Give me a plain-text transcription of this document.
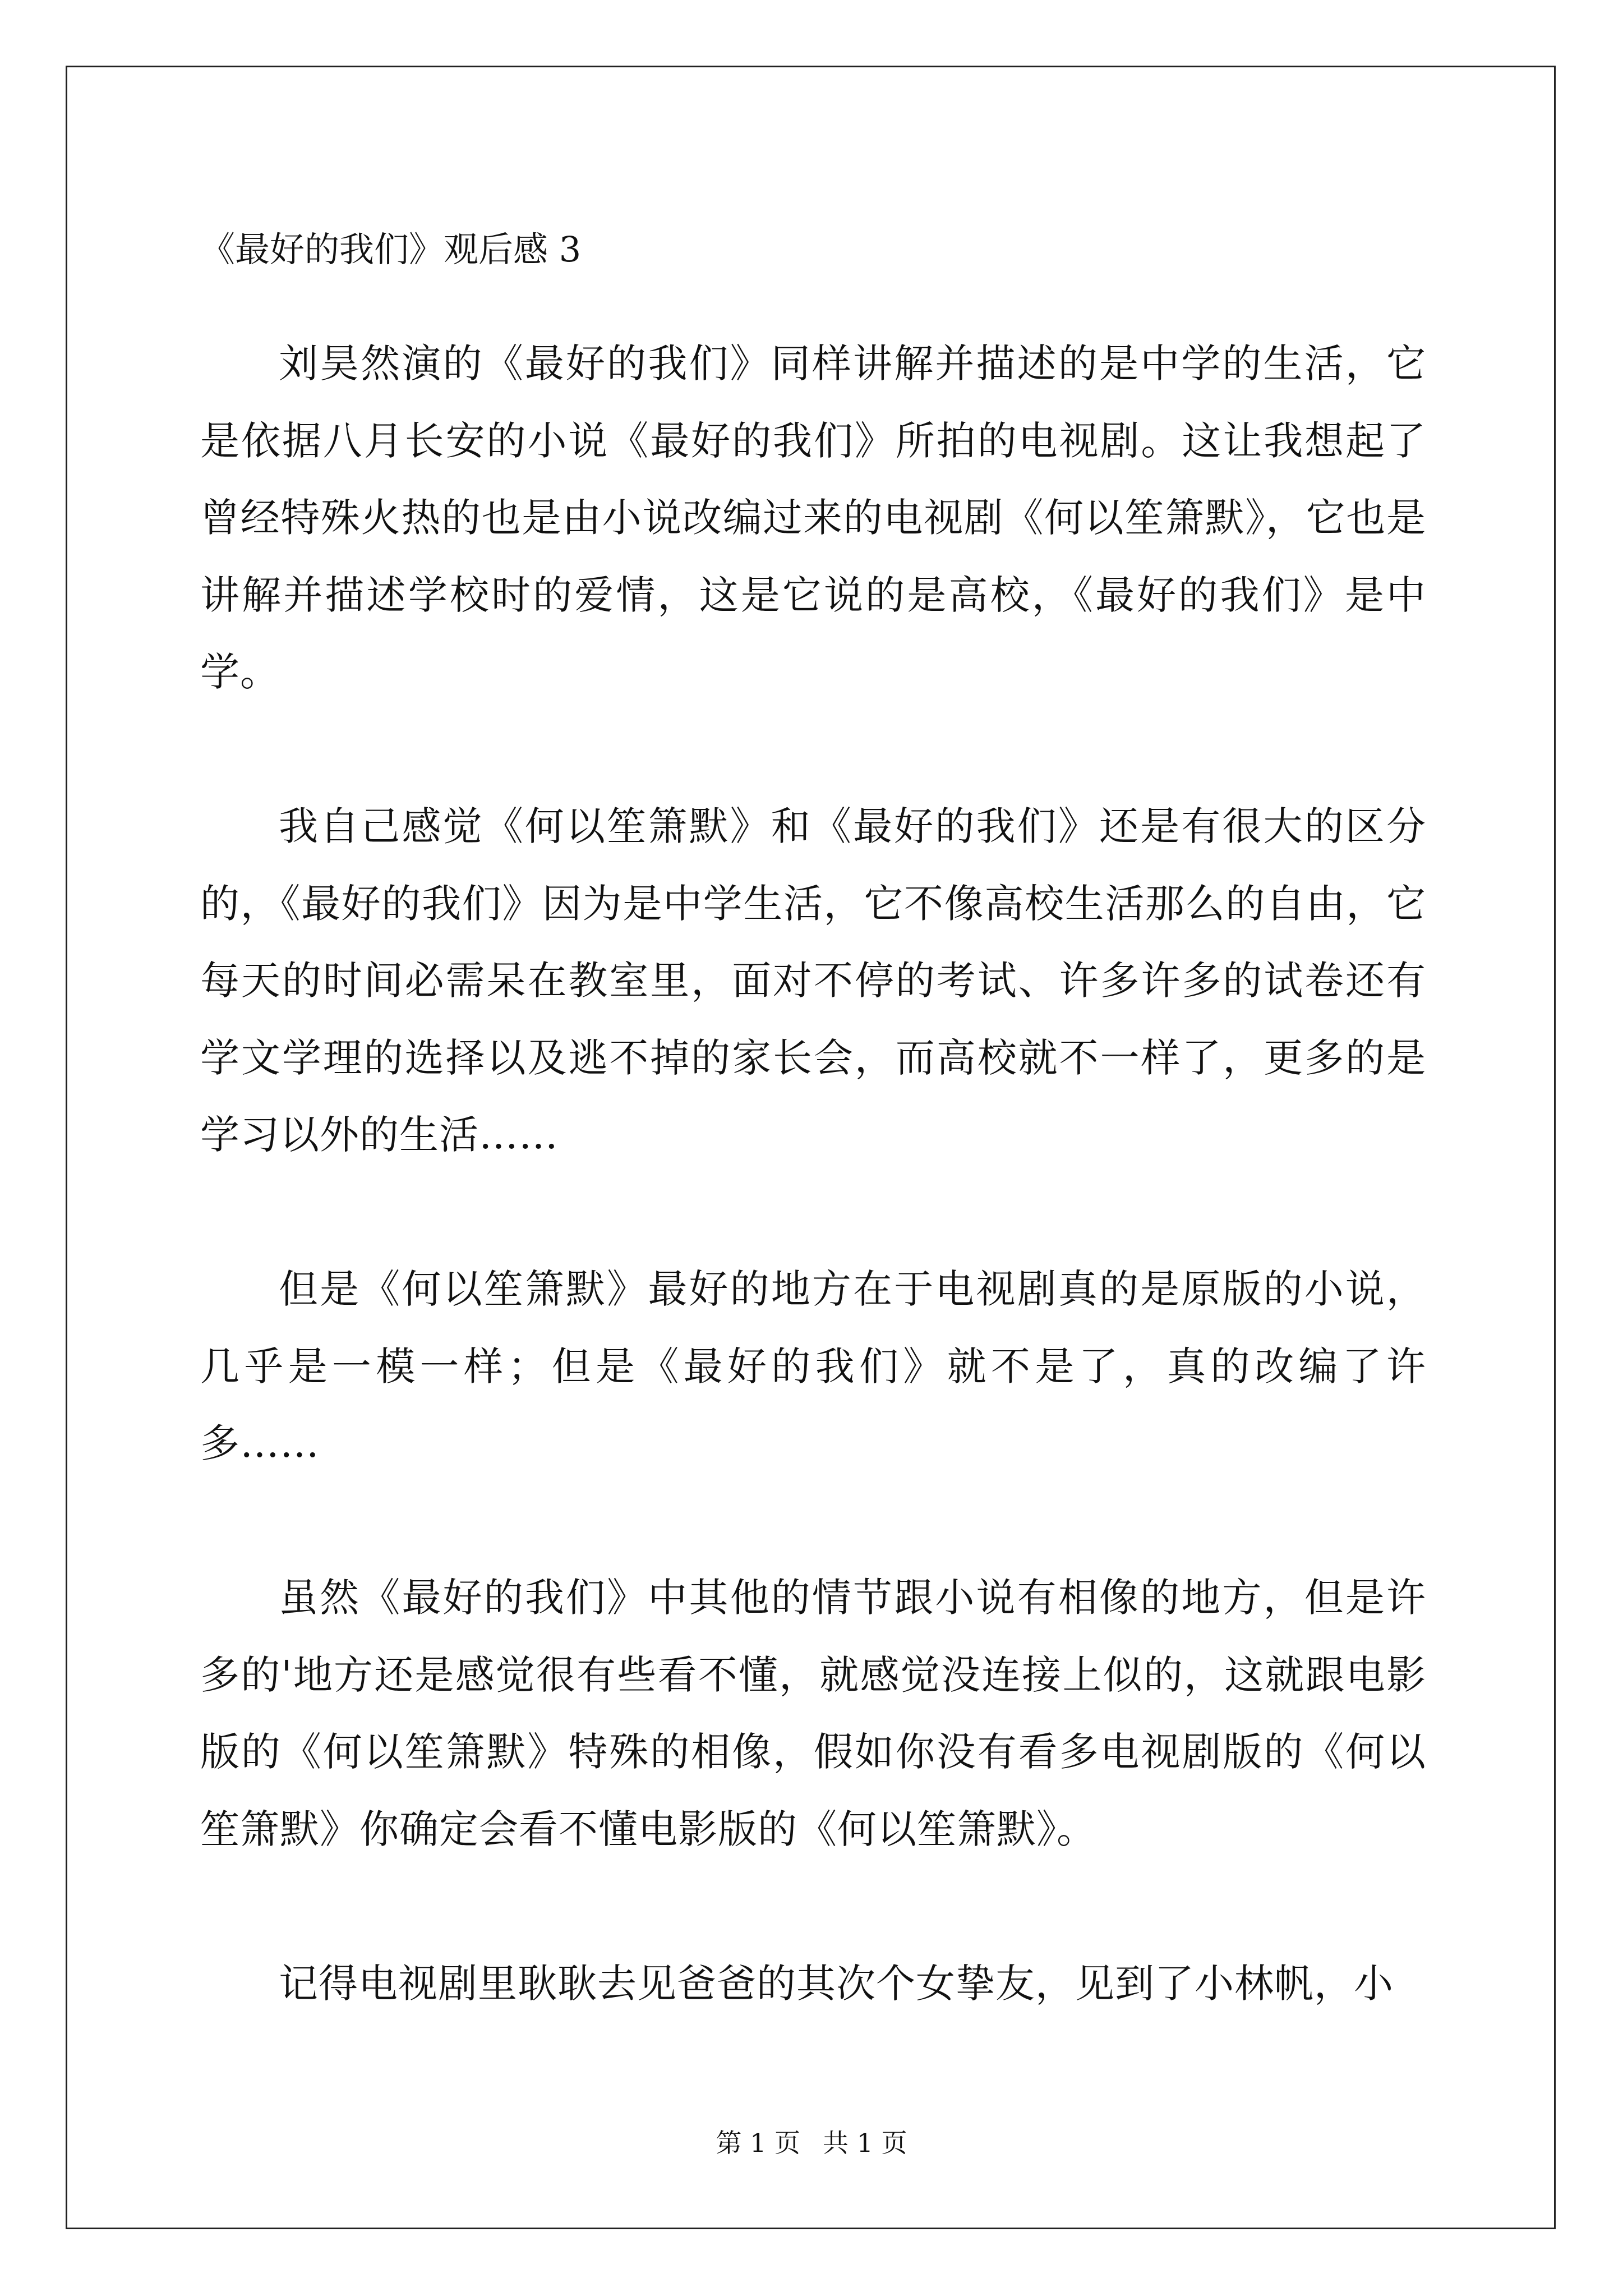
《最好的我们》观后感 3

刘昊然演的《最好的我们》同样讲解并描述的是中学的生活，它是依据八月长安的小说《最好的我们》所拍的电视剧。这让我想起了曾经特殊火热的也是由小说改编过来的电视剧《何以笙箫默》，它也是讲解并描述学校时的爱情，这是它说的是高校，《最好的我们》是中学。

我自己感觉《何以笙箫默》和《最好的我们》还是有很大的区分的，《最好的我们》因为是中学生活，它不像高校生活那么的自由，它每天的时间必需呆在教室里，面对不停的考试、许多许多的试卷还有学文学理的选择以及逃不掉的家长会，而高校就不一样了，更多的是学习以外的生活……

但是《何以笙箫默》最好的地方在于电视剧真的是原版的小说，几乎是一模一样；但是《最好的我们》就不是了，真的改编了许多……

虽然《最好的我们》中其他的情节跟小说有相像的地方，但是许多的'地方还是感觉很有些看不懂，就感觉没连接上似的，这就跟电影版的《何以笙箫默》特殊的相像，假如你没有看多电视剧版的《何以笙箫默》你确定会看不懂电影版的《何以笙箫默》。

记得电视剧里耿耿去见爸爸的其次个女挚友，见到了小林帆，小

第 1 页 共 1 页
